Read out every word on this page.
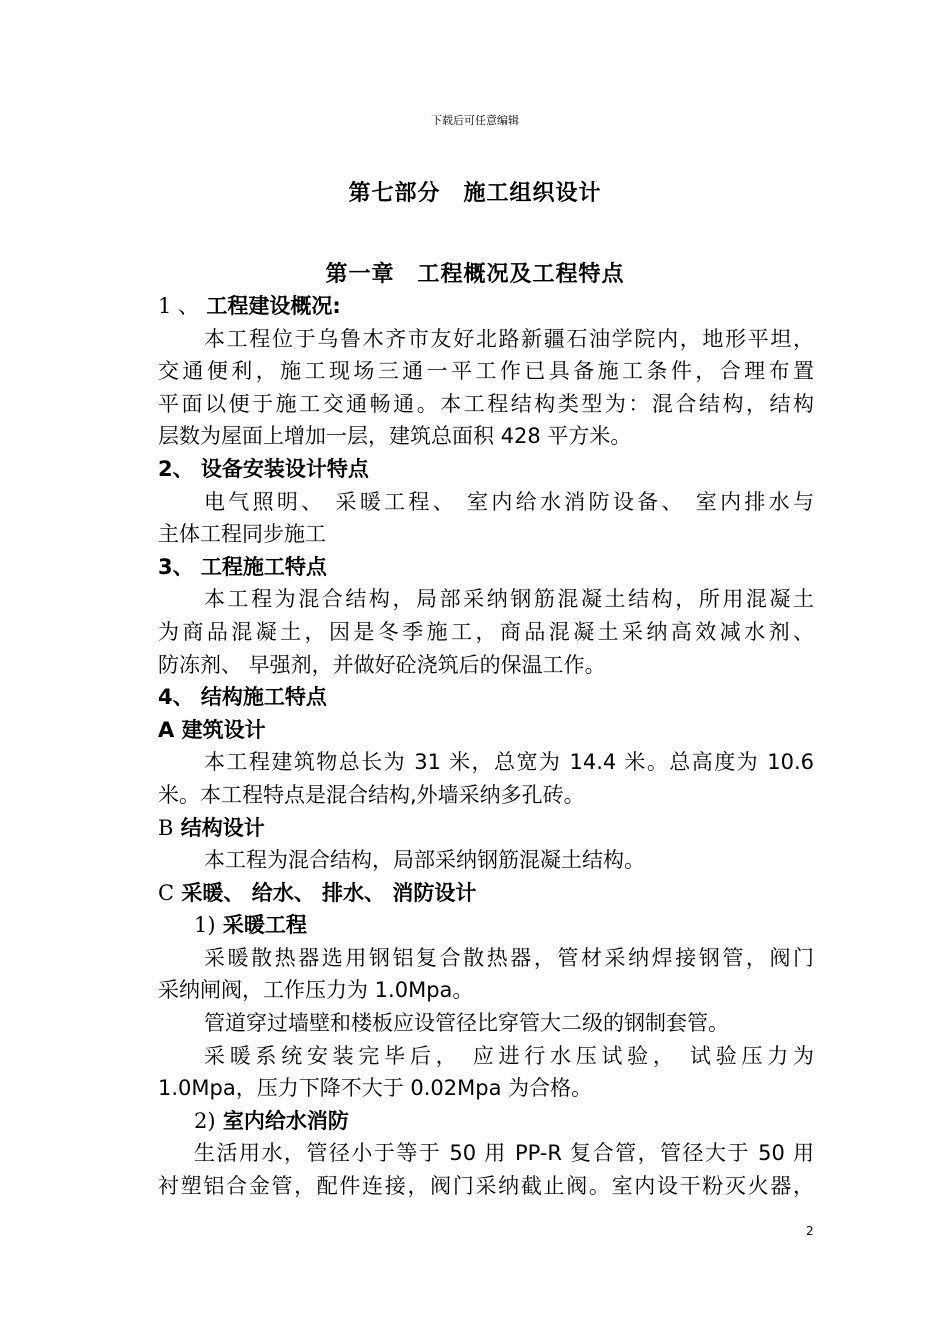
下载后可任意编辑
第七部分　施工组织设计
第一章　工程概况及工程特点
1 、 工程建设概况:
本工程位于乌鲁木齐市友好北路新疆石油学院内，地形平坦，
交通便利，施工现场三通一平工作已具备施工条件，合理布置
平面以便于施工交通畅通。本工程结构类型为：混合结构，结构
层数为屋面上增加一层，建筑总面积 428 平方米。
2、 设备安装设计特点
电气照明、 采暖工程、 室内给水消防设备、 室内排水与
主体工程同步施工
3、 工程施工特点
本工程为混合结构，局部采纳钢筋混凝土结构，所用混凝土
为商品混凝土，因是冬季施工，商品混凝土采纳高效减水剂、
防冻剂、 早强剂，并做好砼浇筑后的保温工作。
4、 结构施工特点
A 建筑设计
本工程建筑物总长为 31 米，总宽为 14.4 米。总高度为 10.6
米。本工程特点是混合结构,外墙采纳多孔砖。
B 结构设计
本工程为混合结构，局部采纳钢筋混凝土结构。
C 采暖、 给水、 排水、 消防设计
1) 采暖工程
采暖散热器选用钢铝复合散热器，管材采纳焊接钢管，阀门
采纳闸阀，工作压力为 1.0Mpa。
管道穿过墙壁和楼板应设管径比穿管大二级的钢制套管。
采暖系统安装完毕后， 应进行水压试验， 试验压力为
1.0Mpa，压力下降不大于 0.02Mpa 为合格。
2) 室内给水消防
生活用水，管径小于等于 50 用 PP-R 复合管，管径大于 50 用
衬塑铝合金管，配件连接，阀门采纳截止阀。室内设干粉灭火器，
2
